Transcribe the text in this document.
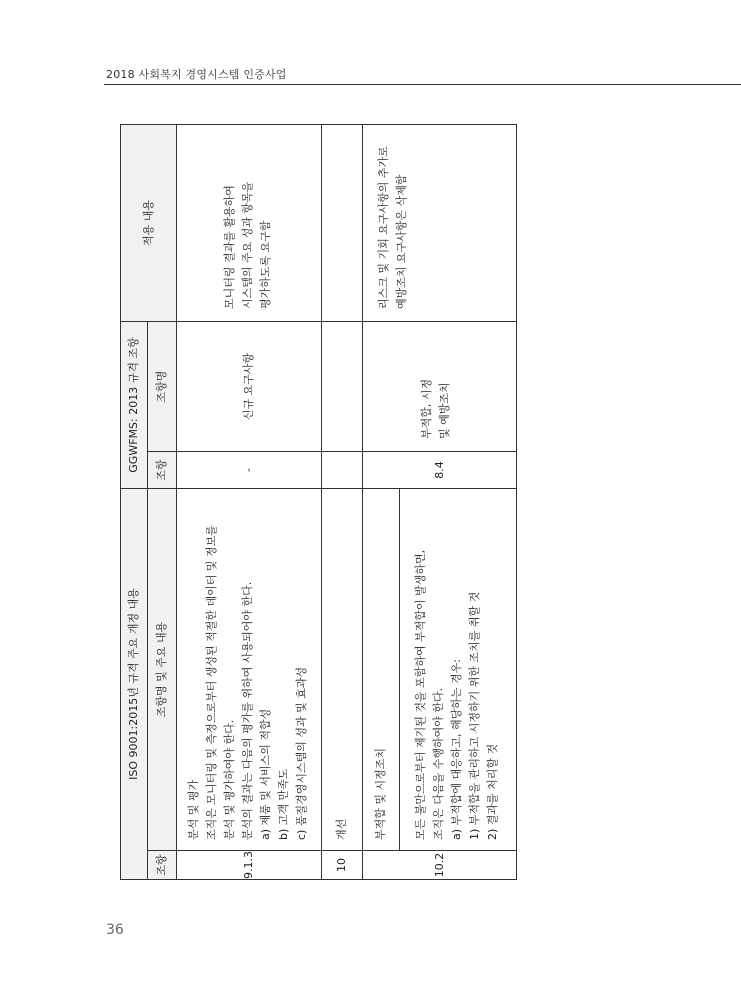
2018 사회복지 경영시스템 인증사업
ISO 9001:2015년 규격 주요 개정 내용
조항
조항명 및 주요 내용
GGWFMS: 2013 규격 조항 조항
조항명
적용 내용
9.1.3
분석 및 평가 조직은 모니터링 및 측정으로부터 생성된 적절한 데이터 및 정보를 분석 및 평가하여야 한다. 분석의 결과는 다음의 평가를 위하여 사용되어야 한다. a) 제품 및 서비스의 적합성 b) 고객 만족도 c) 품질경영시스템의 성과 및 효과성
-
신규 요구사항
모니터링 결과를 활용하여 시스템의 주요 성과 항목을 평가하도록 요구함
10
개선
10.2
부적합 및 시정조치 모든 불만으로부터 제기된 것을 포함하여 부적합이 발생하면, 조직은 다음을 수행하여야 한다. a) 부적합에 대응하고, 해당하는 경우: 1) 부적합을 관리하고 시정하기 위한 조치를 취할 것 2) 결과를 처리할 것
8.4
부적합, 시정 및 예방조치
리스크 및 기회 요구사항의 추가로 예방조치 요구사항은 삭제함
36
